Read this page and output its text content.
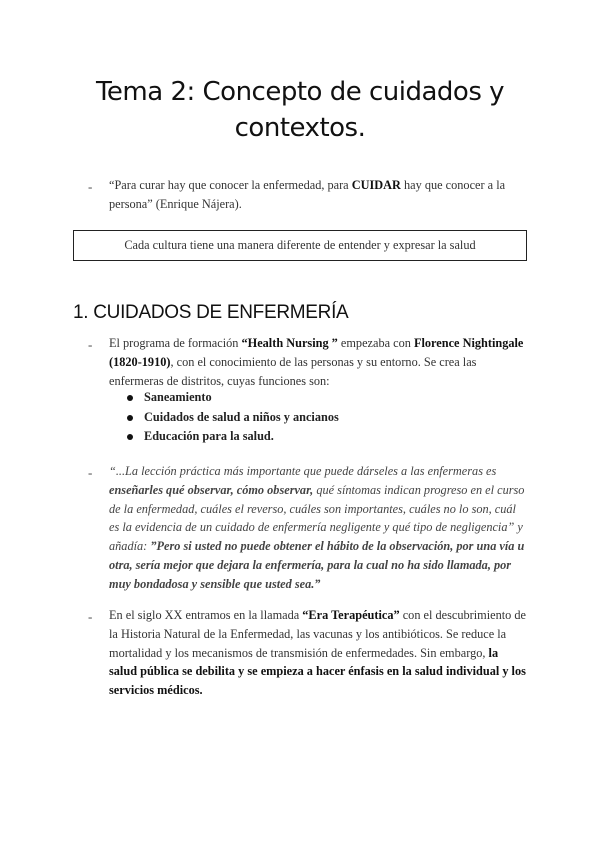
Tema 2: Concepto de cuidados y
contextos.
- “Para curar hay que conocer la enfermedad, para CUIDAR hay que conocer a la persona” (Enrique Nájera).
Cada cultura tiene una manera diferente de entender y expresar la salud
1. CUIDADOS DE ENFERMERÍA
- El programa de formación “Health Nursing ” empezaba con Florence Nightingale (1820-1910), con el conocimiento de las personas y su entorno. Se crea las enfermeras de distritos, cuyas funciones son:
Saneamiento
Cuidados de salud a niños y ancianos
Educación para la salud.
- “...La lección práctica más importante que puede dárseles a las enfermeras es enseñarles qué observar, cómo observar, qué síntomas indican progreso en el curso de la enfermedad, cuáles el reverso, cuáles son importantes, cuáles no lo son, cuál es la evidencia de un cuidado de enfermería negligente y qué tipo de negligencia” y añadía: ”Pero si usted no puede obtener el hábito de la observación, por una vía u otra, sería mejor que dejara la enfermería, para la cual no ha sido llamada, por muy bondadosa y sensible que usted sea.”
- En el siglo XX entramos en la llamada “Era Terapéutica” con el descubrimiento de la Historia Natural de la Enfermedad, las vacunas y los antibióticos. Se reduce la mortalidad y los mecanismos de transmisión de enfermedades. Sin embargo, la salud pública se debilita y se empieza a hacer énfasis en la salud individual y los servicios médicos.
